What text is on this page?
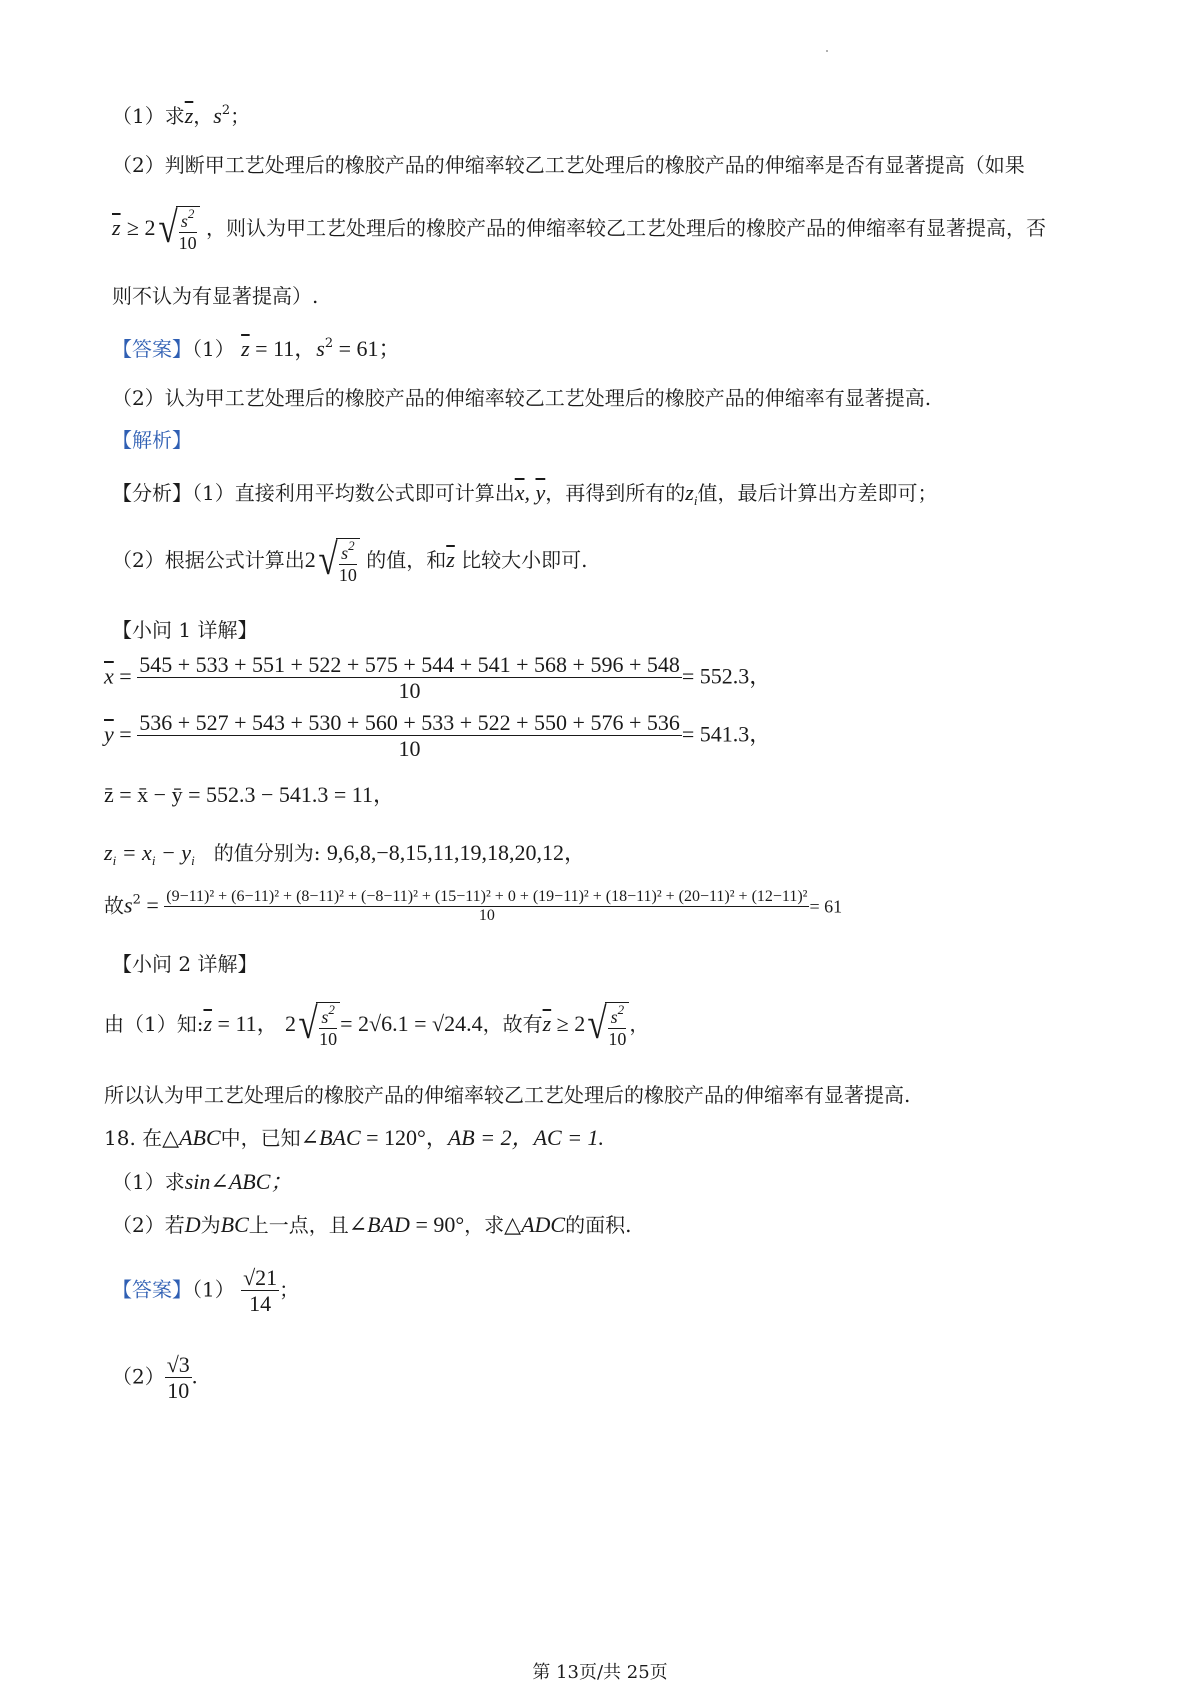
（1）求$\overline{z}$，$s^2$；
（2）判断甲工艺处理后的橡胶产品的伸缩率较乙工艺处理后的橡胶产品的伸缩率是否有显著提高（如果
$\overline{z} \ge 2$ √ $\frac{s^2}{10}$ ，则认为甲工艺处理后的橡胶产品的伸缩率较乙工艺处理后的橡胶产品的伸缩率有显著提高，否
则不认为有显著提高）.
【答案】（1） $\overline{z} = 11$，$s^2 = 61$；
（2）认为甲工艺处理后的橡胶产品的伸缩率较乙工艺处理后的橡胶产品的伸缩率有显著提高.
【解析】
【分析】（1）直接利用平均数公式即可计算出$\overline{x}$, $\overline{y}$，再得到所有的$z_i$值，最后计算出方差即可；
（2）根据公式计算出2 √ $\frac{s^2}{10}$ 的值，和$\overline{z}$ 比较大小即可.
【小问 1 详解】
$\overline{x} = \frac{545 + 533 + 551 + 522 + 575 + 544 + 541 + 568 + 596 + 548}{10} = 552.3$，
$\overline{y} = \frac{536 + 527 + 543 + 530 + 560 + 533 + 522 + 550 + 576 + 536}{10} = 541.3$，
z̄ = x̄ − ȳ = 552.3 − 541.3 = 11，
$z_i = x_i - y_i$ 的值分别为: 9,6,8,−8,15,11,19,18,20,12，
故$s^2 = (9-11)^2 + (6-11)^2 + (8-11)^2 + (-8-11)^2 + (15-11)^2 + 0 + (19-11)^2 + (18-11)^2 + (20-11)^2 + (12-11)^2$
10	= 61
【小问 2 详解】
由（1）知$:\overline{z} = 11$， 2 √ $\frac{s^2}{10} = 2√6.1 = √24.4$，故有$\overline{z} \ge 2$ √ $\frac{s^2}{10}$ ，
所以认为甲工艺处理后的橡胶产品的伸缩率较乙工艺处理后的橡胶产品的伸缩率有显著提高.
18. 在△ABC中，已知∠BAC = 120°，AB = 2，AC = 1.
（1）求sin∠ABC；
（2）若D为BC上一点，且∠BAD = 90°，求△ADC的面积.
【答案】$(1) \frac{√21}{14}$ ；
$(2) \frac{√3}{10}$ .
第 13页/共 25页
